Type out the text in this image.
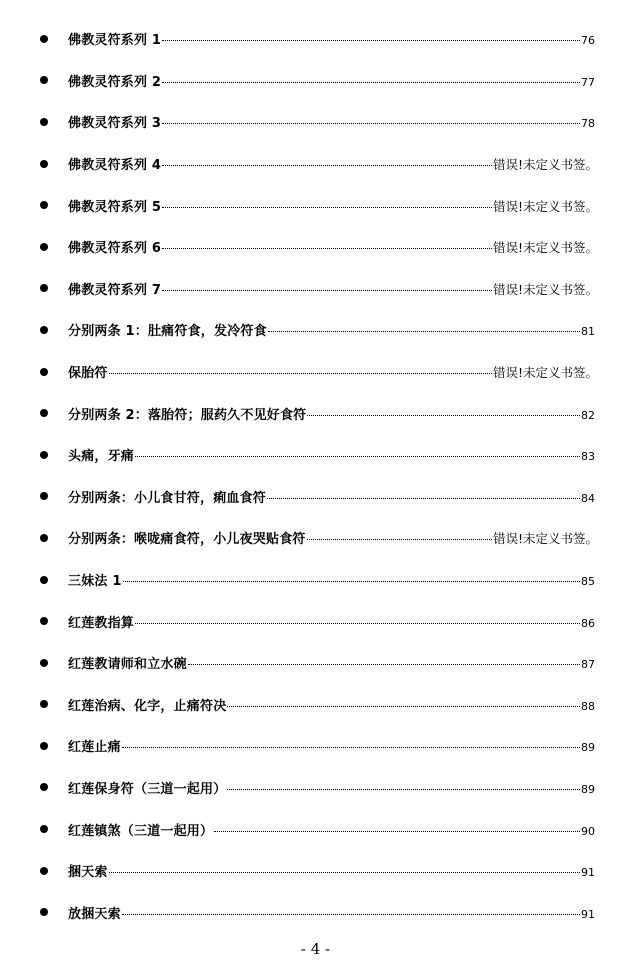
佛教灵符系列 1	76
佛教灵符系列 2	77
佛教灵符系列 3	78
佛教灵符系列 4	错误!未定义书签。
佛教灵符系列 5	错误!未定义书签。
佛教灵符系列 6	错误!未定义书签。
佛教灵符系列 7	错误!未定义书签。
分别两条 1：肚痛符食，发冷符食	81
保胎符	错误!未定义书签。
分别两条 2：落胎符；服药久不见好食符	82
头痛，牙痛	83
分别两条：小儿食甘符，痢血食符	84
分别两条：喉咙痛食符，小儿夜哭贴食符	错误!未定义书签。
三妹法 1	85
红莲教指算	86
红莲教请师和立水碗	87
红莲治病、化字，止痛符决	88
红莲止痛	89
红莲保身符（三道一起用）	89
红莲镇煞（三道一起用）	90
捆天索	91
放捆天索	91
- 4 -
